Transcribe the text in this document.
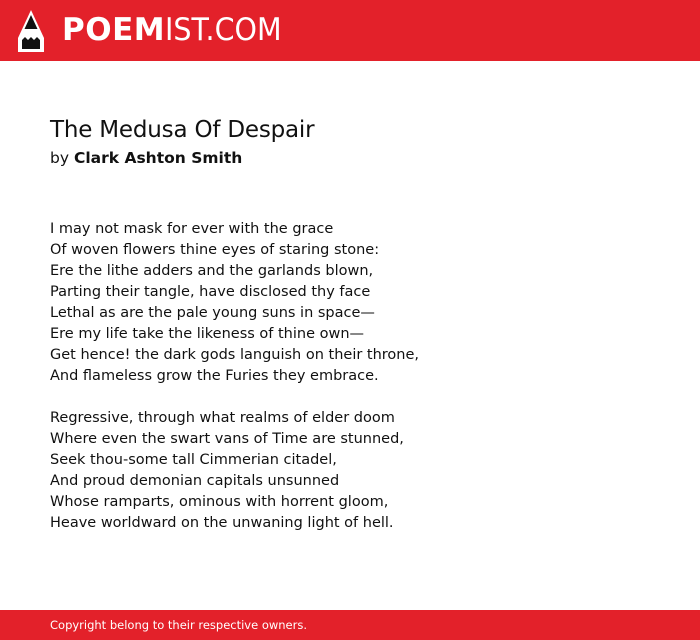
POEM IST.COM
The Medusa Of Despair
by Clark Ashton Smith
I may not mask for ever with the grace
Of woven flowers thine eyes of staring stone:
Ere the lithe adders and the garlands blown,
Parting their tangle, have disclosed thy face
Lethal as are the pale young suns in space—
Ere my life take the likeness of thine own—
Get hence! the dark gods languish on their throne,
And flameless grow the Furies they embrace.
Regressive, through what realms of elder doom
Where even the swart vans of Time are stunned,
Seek thou-some tall Cimmerian citadel,
And proud demonian capitals unsunned
Whose ramparts, ominous with horrent gloom,
Heave worldward on the unwaning light of hell.
Copyright belong to their respective owners.
